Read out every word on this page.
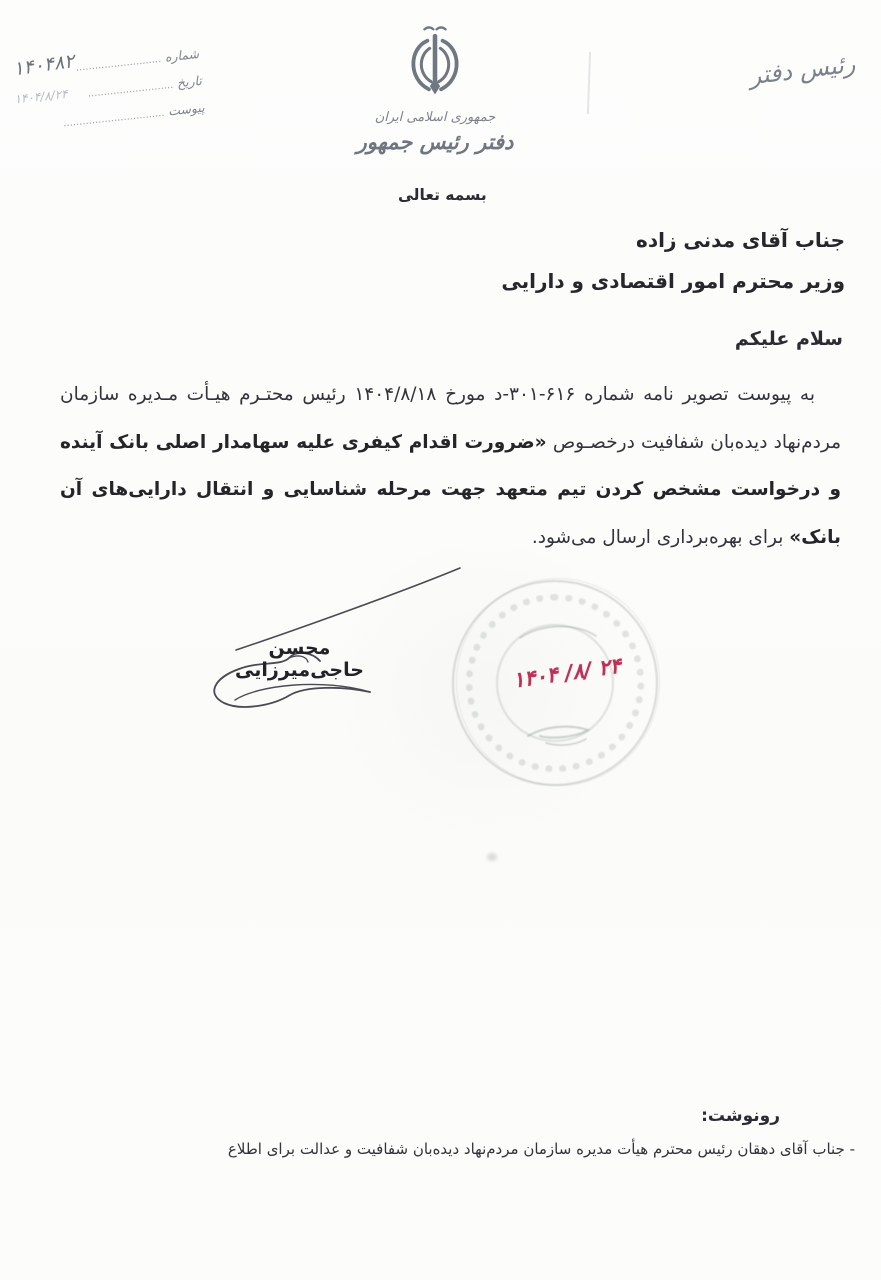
شماره ...........................
۱۴۰۴۸۲
تاریخ ...........................
۱۴۰۴/۸/۲۴
پیوست ................................	جمهوری اسلامی ایران
دفتر رئیس جمهور
رئیس دفتر
بسمه تعالی
جناب آقای مدنی زاده
وزیر محترم امور اقتصادی و دارایی
سلام علیکم

به پیوست تصویر نامه شماره ۶۱۶-۳۰۱-د مورخ ۱۴۰۴/۸/۱۸ رئیس محتـرم هیـأت مـدیره سازمان مردم‌نهاد دیده‌بان شفافیت درخصـوص «ضرورت اقدام کیفری علیه سهامدار اصلی بانک آینده و درخواست مشخص کردن تیم متعهد جهت مرحله شناسایی و انتقال دارایی‌های آن بانک» برای بهره‌برداری ارسال می‌شود.

محسن حاجی‌میرزایی	۱۴۰۴ /۸/ ۲۴
رونوشت:
- جناب آقای دهقان رئیس محترم هیأت مدیره سازمان مردم‌نهاد دیده‌بان شفافیت و عدالت برای اطلاع
